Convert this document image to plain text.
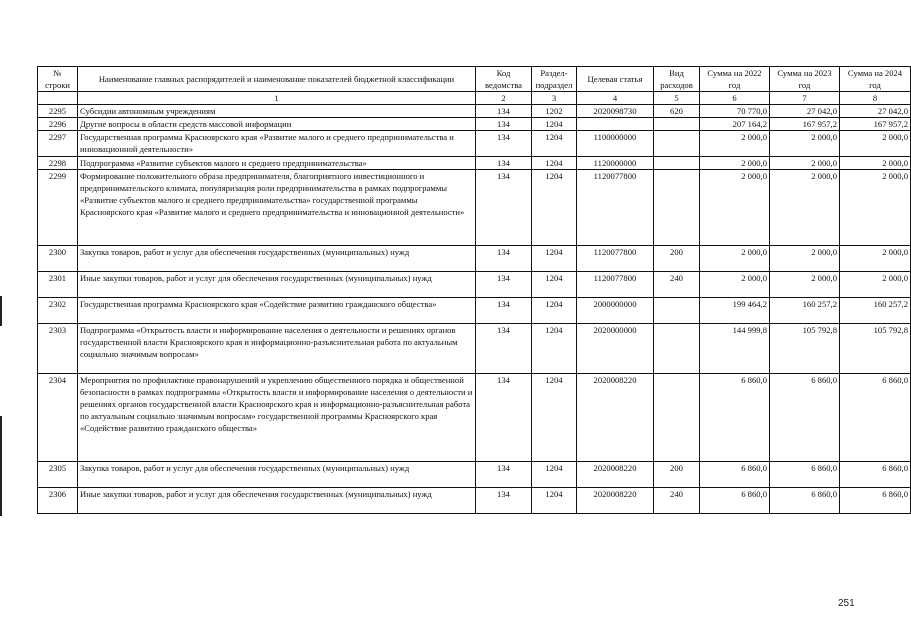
№ строки	Наименование главных распорядителей и наименование показателей бюджетной классификации	Код ведомства	Раздел-подраздел	Целевая статья	Вид расходов	Сумма на 2022 год	Сумма на 2023 год	Сумма на 2024 год
	1	2	3	4	5	6	7	8
2295	Субсидии автономным учреждениям	134	1202	2020098730	620	70 770,0	27 042,0	27 042,0
2296	Другие вопросы в области средств массовой информации	134	1204			207 164,2	167 957,2	167 957,2
2297	Государственная программа Красноярского края «Развитие малого и среднего предпринимательства и инновационной деятельности»	134	1204	1100000000		2 000,0	2 000,0	2 000,0
2298	Подпрограмма «Развитие субъектов малого и среднего предпринимательства»	134	1204	1120000000		2 000,0	2 000,0	2 000,0
2299	Формирование положительного образа предпринимателя, благоприятного инвестиционного и предпринимательского климата, популяризация роли предпринимательства в рамках подпрограммы «Развитие субъектов малого и среднего предпринимательства» государственной программы Красноярского края «Развитие малого и среднего предпринимательства и инновационной деятельности»	134	1204	1120077800		2 000,0	2 000,0	2 000,0
2300	Закупка товаров, работ и услуг для обеспечения государственных (муниципальных) нужд	134	1204	1120077800	200	2 000,0	2 000,0	2 000,0
2301	Иные закупки товаров, работ и услуг для обеспечения государственных (муниципальных) нужд	134	1204	1120077800	240	2 000,0	2 000,0	2 000,0
2302	Государственная программа Красноярского края «Содействие развитию гражданского общества»	134	1204	2000000000		199 464,2	160 257,2	160 257,2
2303	Подпрограмма «Открытость власти и информирование населения о деятельности и решениях органов государственной власти Красноярского края и информационно-разъяснительная работа по актуальным социально значимым вопросам»	134	1204	2020000000		144 999,8	105 792,8	105 792,8
2304	Мероприятия по профилактике правонарушений и укреплению общественного порядка и общественной безопасности в рамках подпрограммы «Открытость власти и информирование населения о деятельности и решениях органов государственной власти Красноярского края и информационно-разъяснительная работа по актуальным социально значимым вопросам» государственной программы Красноярского края «Содействие развитию гражданского общества»	134	1204	2020008220		6 860,0	6 860,0	6 860,0
2305	Закупка товаров, работ и услуг для обеспечения государственных (муниципальных) нужд	134	1204	2020008220	200	6 860,0	6 860,0	6 860,0
2306	Иные закупки товаров, работ и услуг для обеспечения государственных (муниципальных) нужд	134	1204	2020008220	240	6 860,0	6 860,0	6 860,0
251
